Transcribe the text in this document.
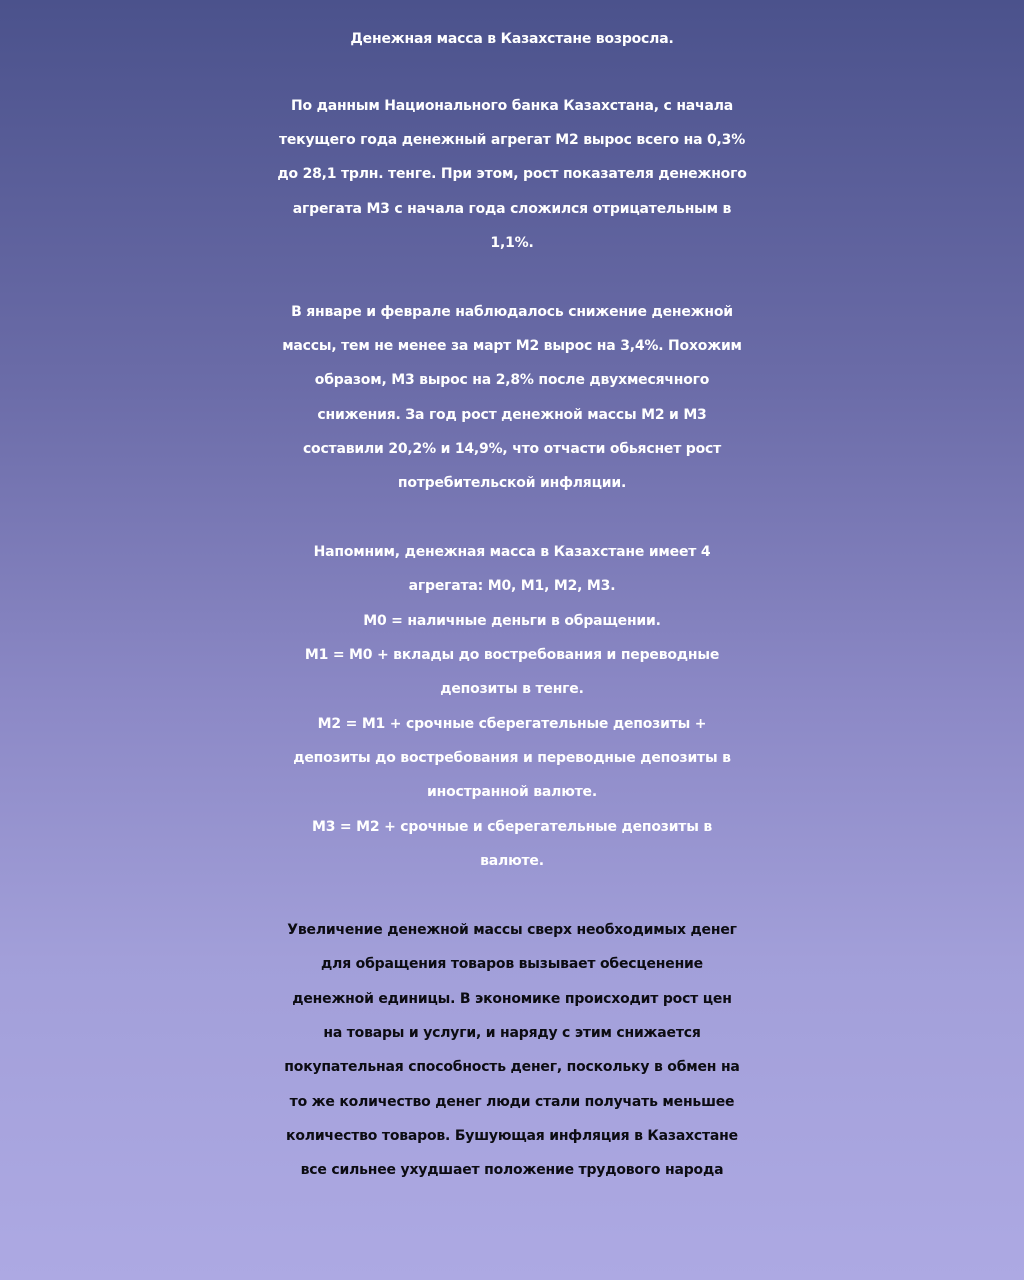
Денежная масса в Казахстане возросла.
По данным Национального банка Казахстана, с начала
текущего года денежный агрегат М2 вырос всего на 0,3%
до 28,1 трлн. тенге. При этом, рост показателя денежного
агрегата М3 с начала года сложился отрицательным в
1,1%.
В январе и феврале наблюдалось снижение денежной
массы, тем не менее за март М2 вырос на 3,4%. Похожим
образом, М3 вырос на 2,8% после двухмесячного
снижения. За год рост денежной массы М2 и М3
составили 20,2% и 14,9%, что отчасти обьяснет рост
потребительской инфляции.
Напомним, денежная масса в Казахстане имеет 4
агрегата: М0, М1, М2, М3.
М0 = наличные деньги в обращении.
М1 = М0 + вклады до востребования и переводные
депозиты в тенге.
М2 = М1 + срочные сберегательные депозиты +
депозиты до востребования и переводные депозиты в
иностранной валюте.
М3 = М2 + срочные и сберегательные депозиты в
валюте.
Увеличение денежной массы сверх необходимых денег
для обращения товаров вызывает обесценение
денежной единицы. В экономике происходит рост цен
на товары и услуги, и наряду с этим снижается
покупательная способность денег, поскольку в обмен на
то же количество денег люди стали получать меньшее
количество товаров. Бушующая инфляция в Казахстане
все сильнее ухудшает положение трудового народа
